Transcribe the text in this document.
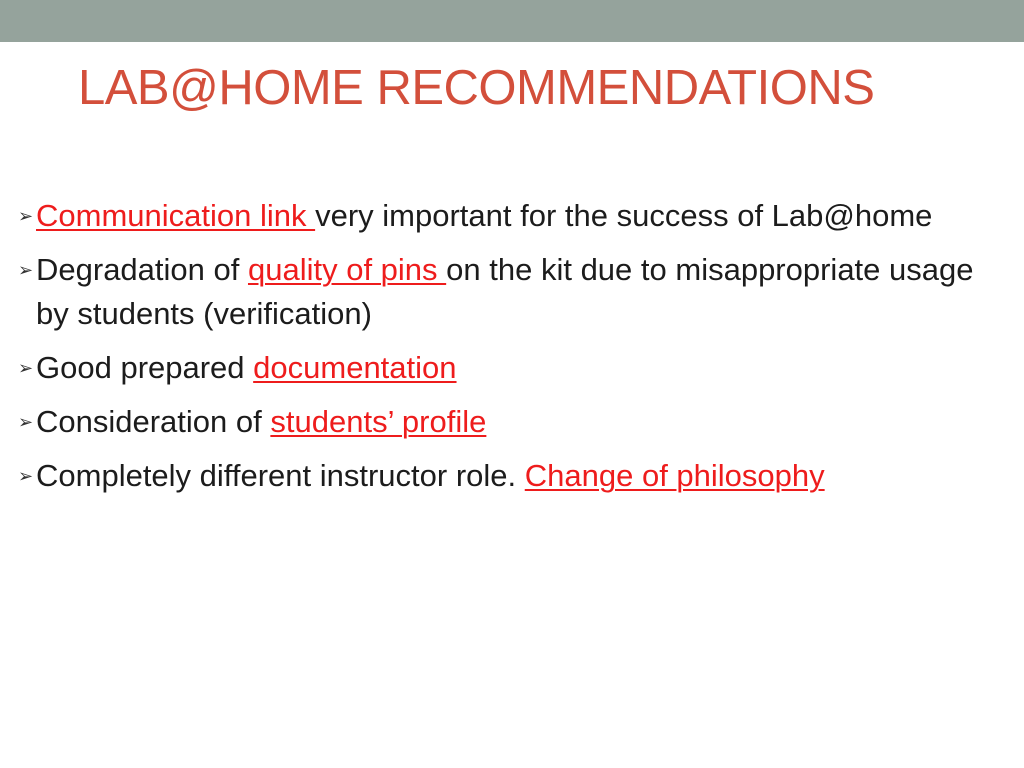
LAB@HOME RECOMMENDATIONS
➢ Communication link very important for the success of Lab@home
➢ Degradation of quality of pins on the kit due to misappropriate usage by students (verification)
➢ Good prepared documentation
➢ Consideration of students’ profile
➢ Completely different instructor role. Change of philosophy
